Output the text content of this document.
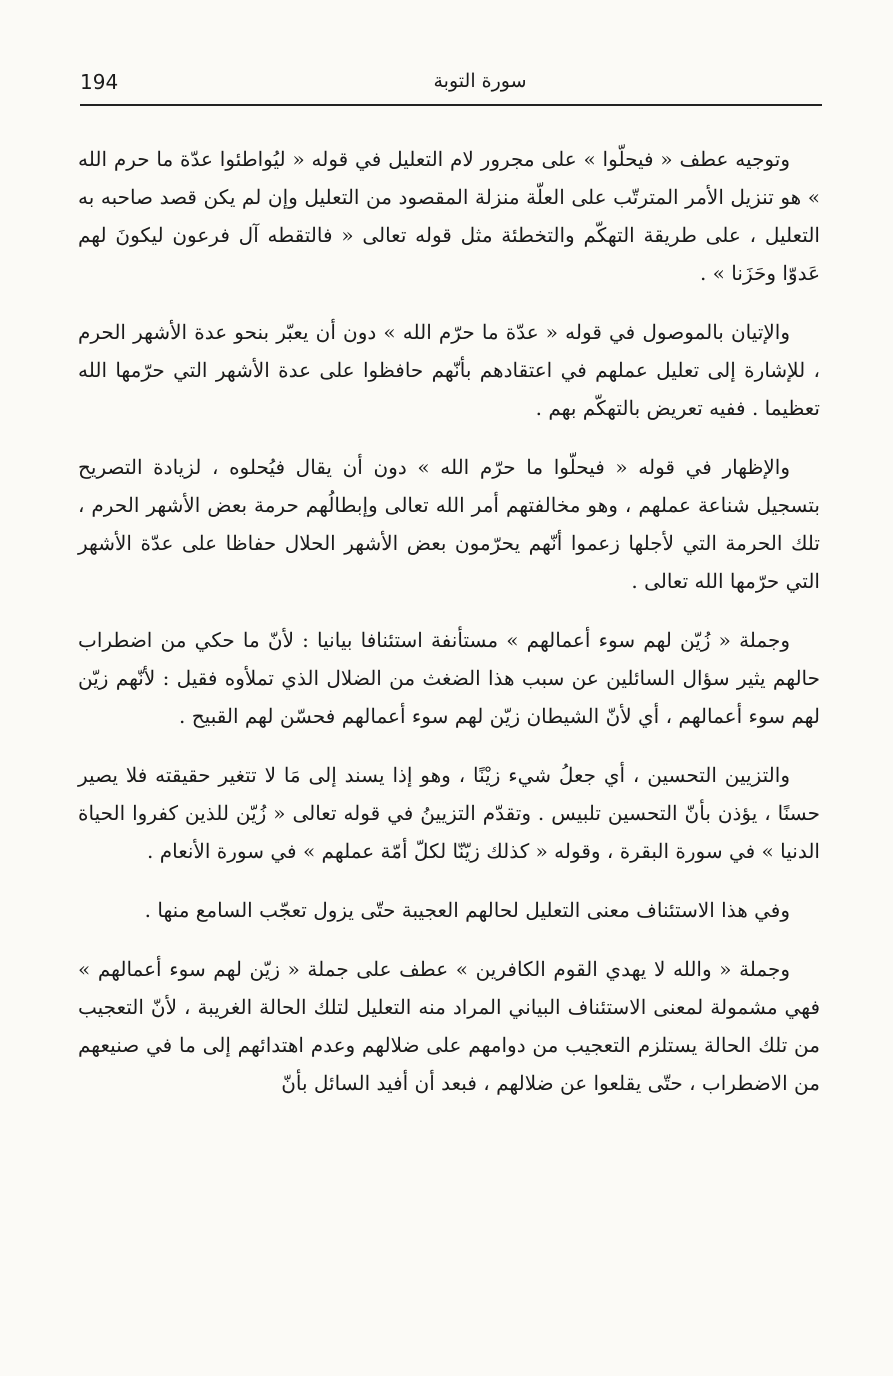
194	سورة التوبة

وتوجيه عطف « فيحلّوا » على مجرور لام التعليل في قوله « ليُواطئوا عدّة ما حرم الله » هو تنزيل الأمر المترتّب على العلّة منزلة المقصود من التعليل وإن لم يكن قصد صاحبه به التعليل ، على طريقة التهكّم والتخطئة مثل قوله تعالى « فالتقطه آل فرعون ليكونَ لهم عَدوّا وحَزَنا » .

والإتيان بالموصول في قوله « عدّة ما حرّم الله » دون أن يعبّر بنحو عدة الأشهر الحرم ، للإشارة إلى تعليل عملهم في اعتقادهم بأنّهم حافظوا على عدة الأشهر التي حرّمها الله تعظيما . ففيه تعريض بالتهكّم بهم .

والإظهار في قوله « فيحلّوا ما حرّم الله » دون أن يقال فيُحلوه ، لزيادة التصريح بتسجيل شناعة عملهم ، وهو مخالفتهم أمر الله تعالى وإبطالُهم حرمة بعض الأشهر الحرم ، تلك الحرمة التي لأجلها زعموا أنّهم يحرّمون بعض الأشهر الحلال حفاظا على عدّة الأشهر التي حرّمها الله تعالى .

وجملة « زُيّن لهم سوء أعمالهم » مستأنفة استئنافا بيانيا : لأنّ ما حكي من اضطراب حالهم يثير سؤال السائلين عن سبب هذا الضغث من الضلال الذي تملأوه فقيل : لأنّهم زيّن لهم سوء أعمالهم ، أي لأنّ الشيطان زيّن لهم سوء أعمالهم فحسّن لهم القبيح .

والتزيين التحسين ، أي جعلُ شيء زيْنًا ، وهو إذا يسند إلى مَا لا تتغير حقيقته فلا يصير حسنًا ، يؤذن بأنّ التحسين تلبيس . وتقدّم التزيينُ في قوله تعالى « زُيّن للذين كفروا الحياة الدنيا » في سورة البقرة ، وقوله « كذلك زيّنّا لكلّ أمّة عملهم » في سورة الأنعام .

وفي هذا الاستئناف معنى التعليل لحالهم العجيبة حتّى يزول تعجّب السامع منها .

وجملة « والله لا يهدي القوم الكافرين » عطف على جملة « زيّن لهم سوء أعمالهم » فهي مشمولة لمعنى الاستئناف البياني المراد منه التعليل لتلك الحالة الغريبة ، لأنّ التعجيب من تلك الحالة يستلزم التعجيب من دوامهم على ضلالهم وعدم اهتدائهم إلى ما في صنيعهم من الاضطراب ، حتّى يقلعوا عن ضلالهم ، فبعد أن أفيد السائل بأنّ
